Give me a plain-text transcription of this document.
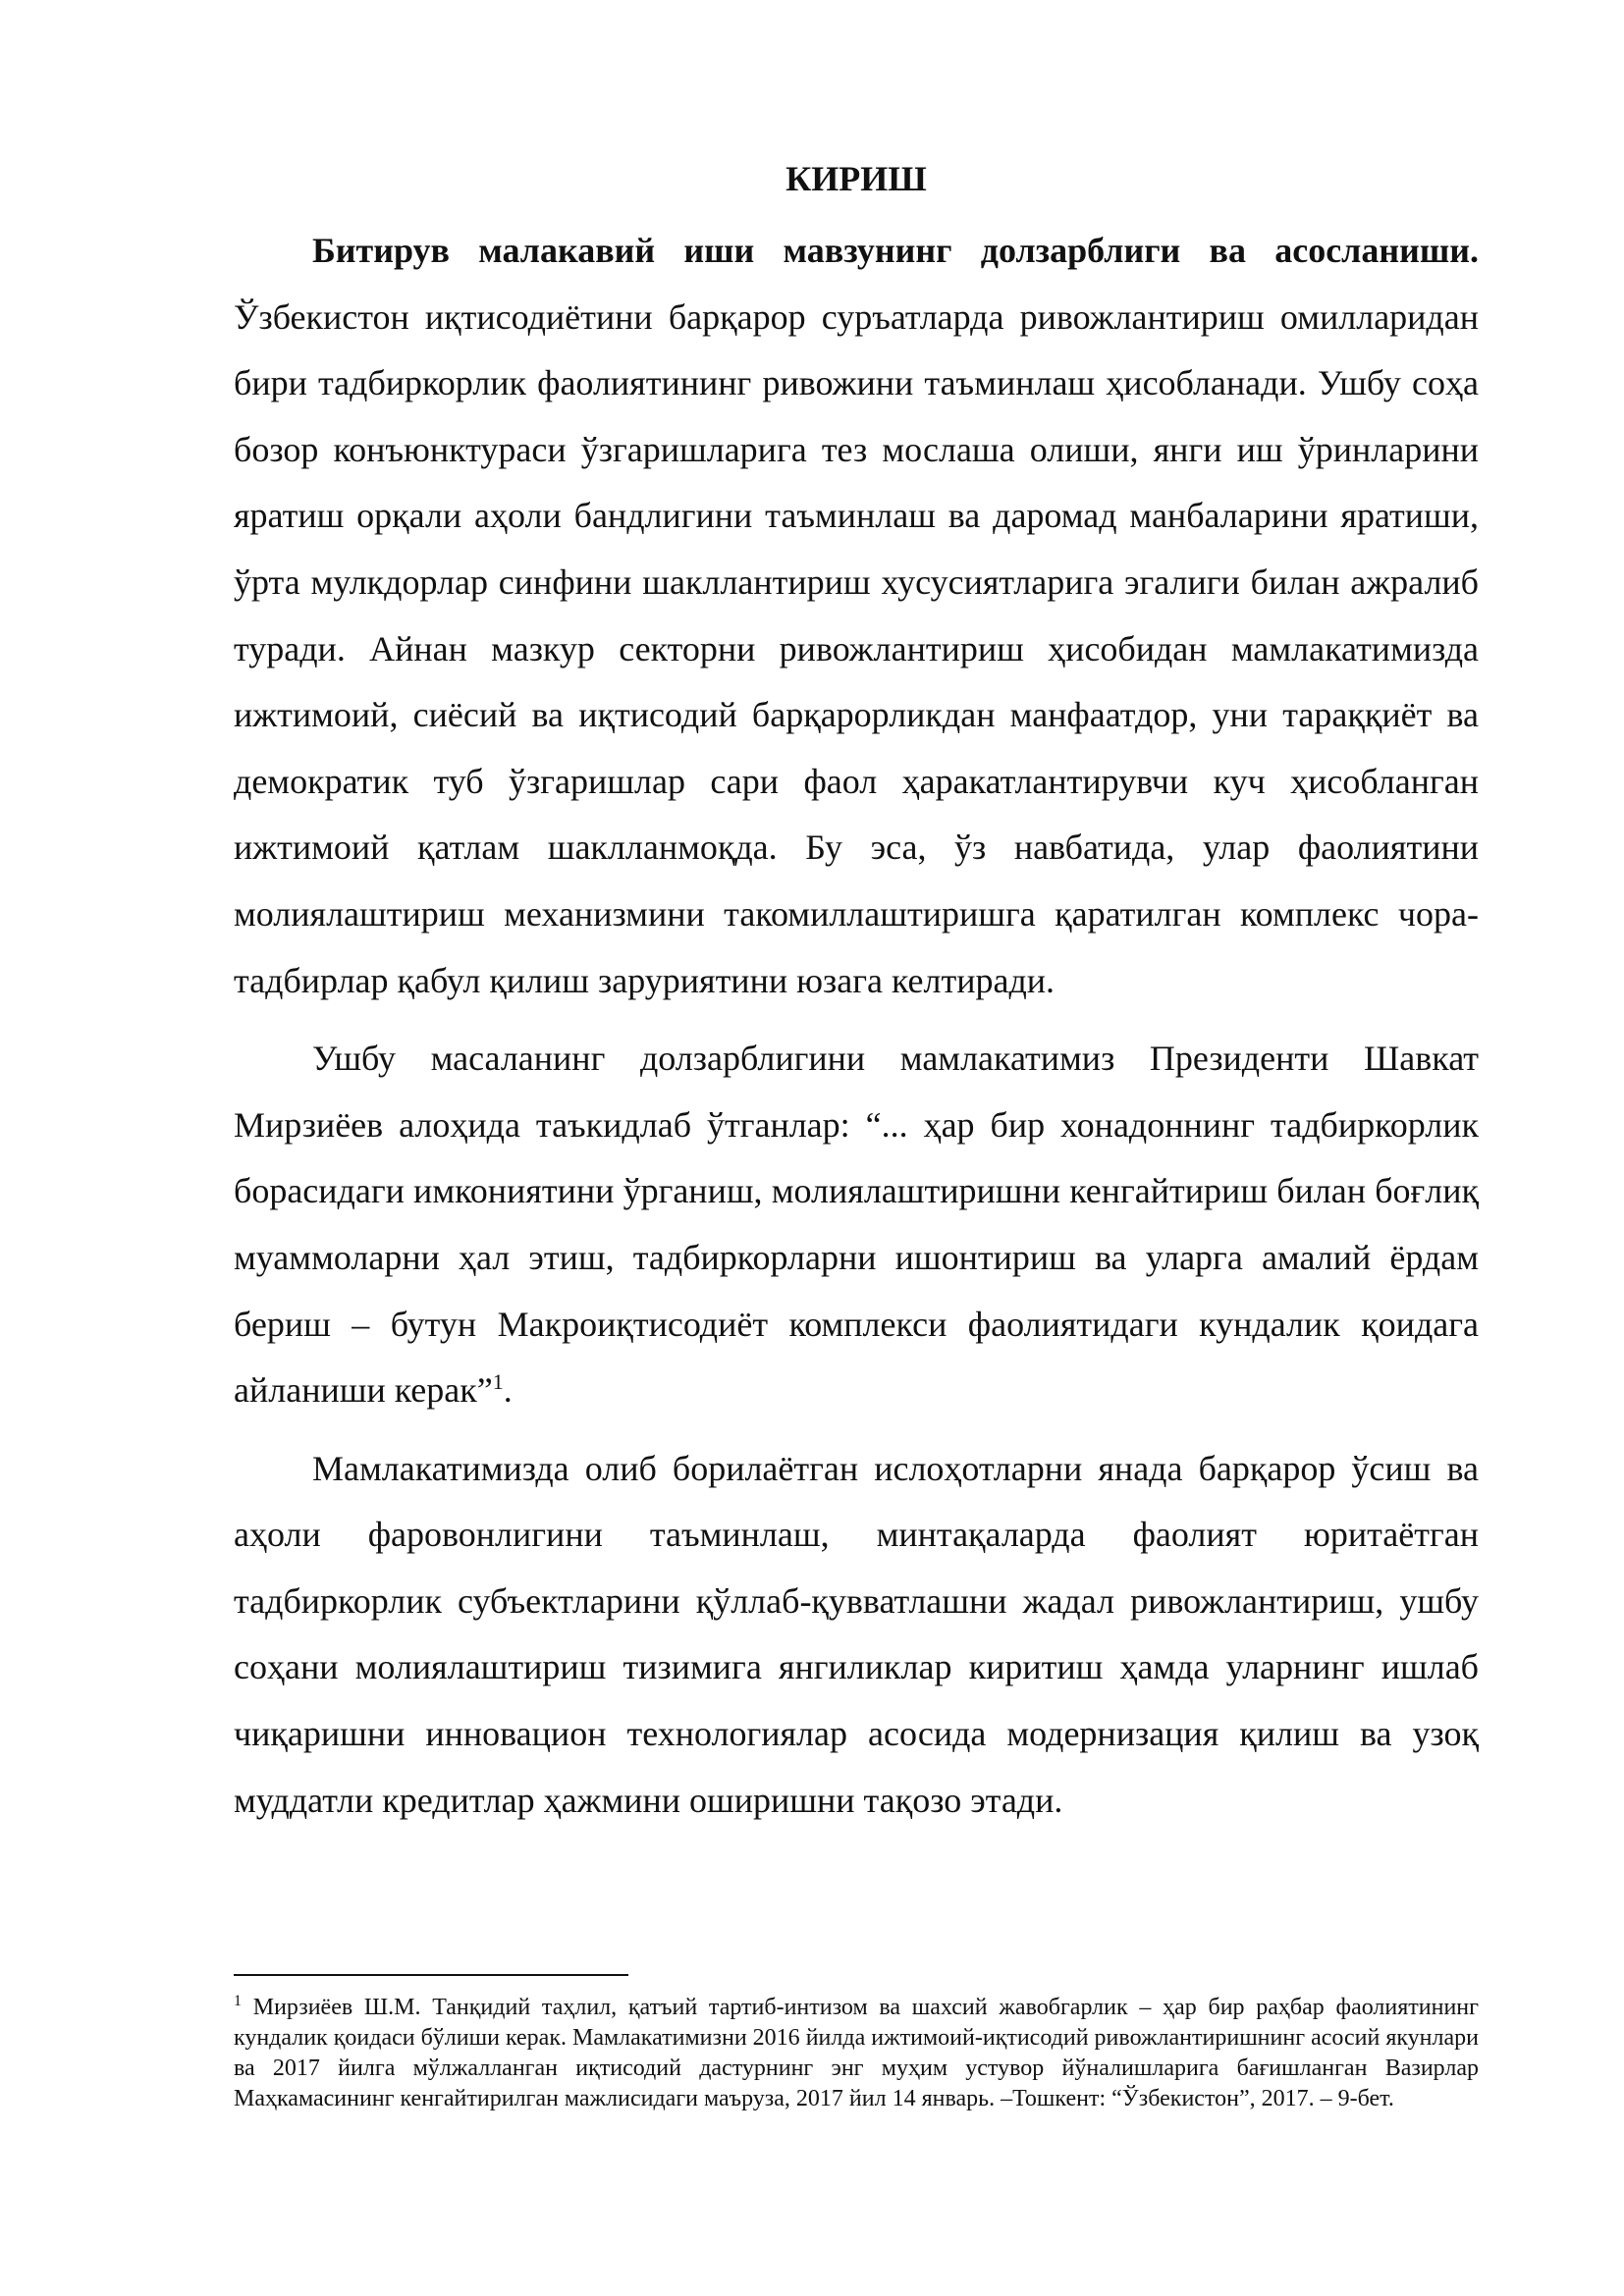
КИРИШ

Битирув малакавий иши мавзунинг долзарблиги ва асосланиши. Ўзбекистон иқтисодиётини барқарор суръатларда ривожлантириш омилларидан бири тадбиркорлик фаолиятининг ривожини таъминлаш ҳисобланади. Ушбу соҳа бозор конъюнктураси ўзгаришларига тез мослаша олиши, янги иш ўринларини яратиш орқали аҳоли бандлигини таъминлаш ва даромад манбаларини яратиши, ўрта мулкдорлар синфини шакллантириш хусусиятларига эгалиги билан ажралиб туради. Айнан мазкур секторни ривожлантириш ҳисобидан мамлакатимизда ижтимоий, сиёсий ва иқтисодий барқарорликдан манфаатдор, уни тараққиёт ва демократик туб ўзгаришлар сари фаол ҳаракатлантирувчи куч ҳисобланган ижтимоий қатлам шаклланмоқда. Бу эса, ўз навбатида, улар фаолиятини молиялаштириш механизмини такомиллаштиришга қаратилган комплекс чора-тадбирлар қабул қилиш заруриятини юзага келтиради.

Ушбу масаланинг долзарблигини мамлакатимиз Президенти Шавкат Мирзиёев алоҳида таъкидлаб ўтганлар: “... ҳар бир хонадоннинг тадбиркорлик борасидаги имкониятини ўрганиш, молиялаштиришни кенгайтириш билан боғлиқ муаммоларни ҳал этиш, тадбиркорларни ишонтириш ва уларга амалий ёрдам бериш – бутун Макроиқтисодиёт комплекси фаолиятидаги кундалик қоидага айланиши керак”$^1$.

Мамлакатимизда олиб борилаётган ислоҳотларни янада барқарор ўсиш ва аҳоли фаровонлигини таъминлаш, минтақаларда фаолият юритаётган тадбиркорлик субъектларини қўллаб-қувватлашни жадал ривожлантириш, ушбу соҳани молиялаштириш тизимига янгиликлар киритиш ҳамда уларнинг ишлаб чиқаришни инновацион технологиялар асосида модернизация қилиш ва узоқ муддатли кредитлар ҳажмини оширишни тақозо этади.

$^1$ Мирзиёев Ш.М. Танқидий таҳлил, қатъий тартиб-интизом ва шахсий жавобгарлик – ҳар бир раҳбар фаолиятининг кундалик қоидаси бўлиши керак. Мамлакатимизни 2016 йилда ижтимоий-иқтисодий ривожлантиришнинг асосий якунлари ва 2017 йилга мўлжалланган иқтисодий дастурнинг энг муҳим устувор йўналишларига бағишланган Вазирлар Маҳкамасининг кенгайтирилган мажлисидаги маъруза, 2017 йил 14 январь. –Тошкент: “Ўзбекистон”, 2017. – 9-бет.
